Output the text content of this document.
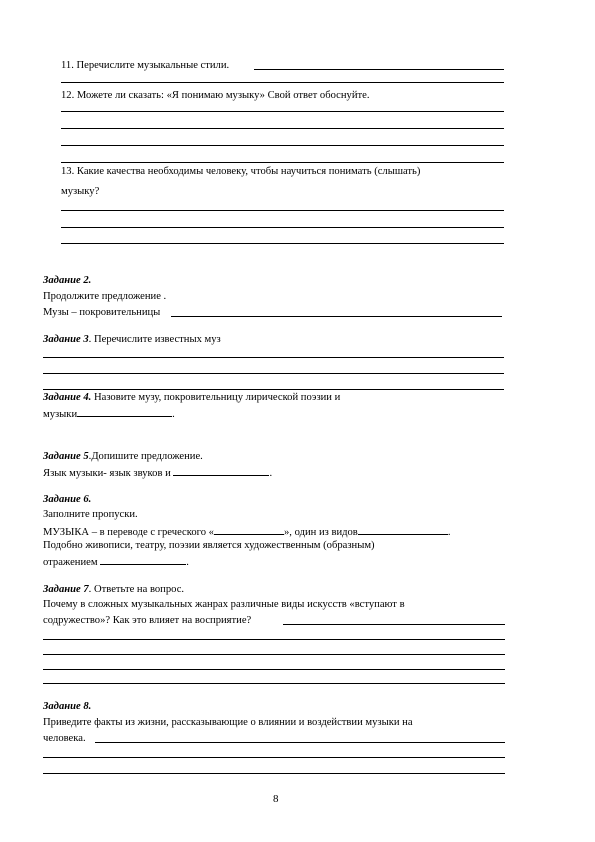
11. Перечислите музыкальные стили.
12. Можете ли сказать: «Я понимаю музыку» Свой ответ обоснуйте.
13. Какие качества необходимы человеку, чтобы научиться понимать (слышать)
музыку?
Задание 2.
Продолжите предложение .
Музы – покровительницы
Задание 3. Перечислите известных муз
Задание 4. Назовите музу, покровительницу лирической поэзии и
музыки	.
Задание 5.Допишите предложение.
Язык музыки- язык звуков и	.
Задание 6.
Заполните пропуски.
МУЗЫКА – в переводе с греческого «	», один из видов	.
Подобно живописи, театру, поэзии является художественным (образным)
отражением	.
Задание 7. Ответьте на вопрос.
Почему в сложных музыкальных жанрах различные виды искусств «вступают в
содружество»? Как это влияет на восприятие?
Задание 8.
Приведите факты из жизни, рассказывающие о влиянии и воздействии музыки на
человека.
8
